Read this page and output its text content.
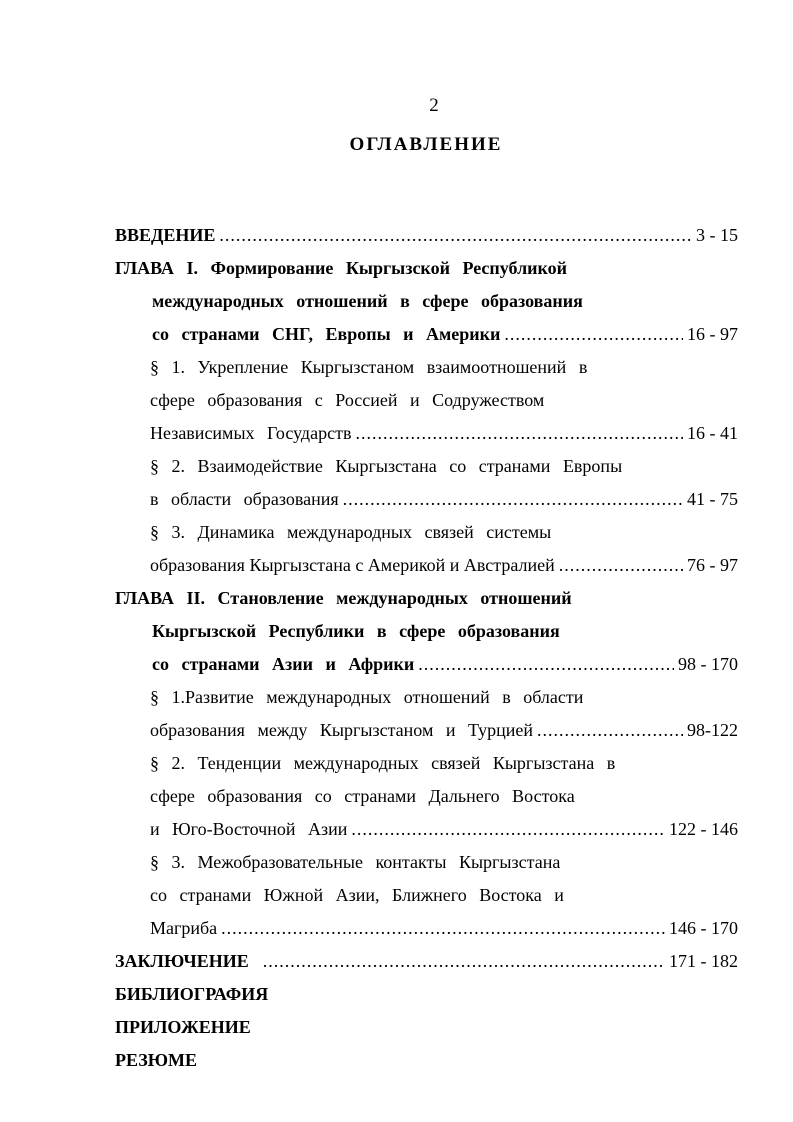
2
ОГЛАВЛЕНИЕ
ВВЕДЕНИЕ .....	3 - 15
ГЛАВА I. Формирование Кыргызской Республикой
международных отношений в сфере образования
со странами СНГ, Европы и Америки .....	16 - 97
§ 1. Укрепление Кыргызстаном взаимоотношений в
сфере образования с Россией и Содружеством
Независимых Государств .....	16 - 41
§ 2. Взаимодействие Кыргызстана со странами Европы
в области образования .....	41 - 75
§ 3. Динамика международных связей системы
образования Кыргызстана с Америкой и Австралией .....	76 - 97
ГЛАВА II. Становление международных отношений
Кыргызской Республики в сфере образования
со странами Азии и Африки .....	98 - 170
§ 1.Развитие международных отношений в области
образования между Кыргызстаном и Турцией .....	98-122
§ 2. Тенденции международных связей Кыргызстана в
сфере образования со странами Дальнего Востока
и Юго-Восточной Азии .....	122 - 146
§ 3. Межобразовательные контакты Кыргызстана
со странами Южной Азии, Ближнего Востока и
Магриба .....	146 - 170
ЗАКЛЮЧЕНИЕ .....	171 - 182
БИБЛИОГРАФИЯ
ПРИЛОЖЕНИЕ
РЕЗЮМЕ
